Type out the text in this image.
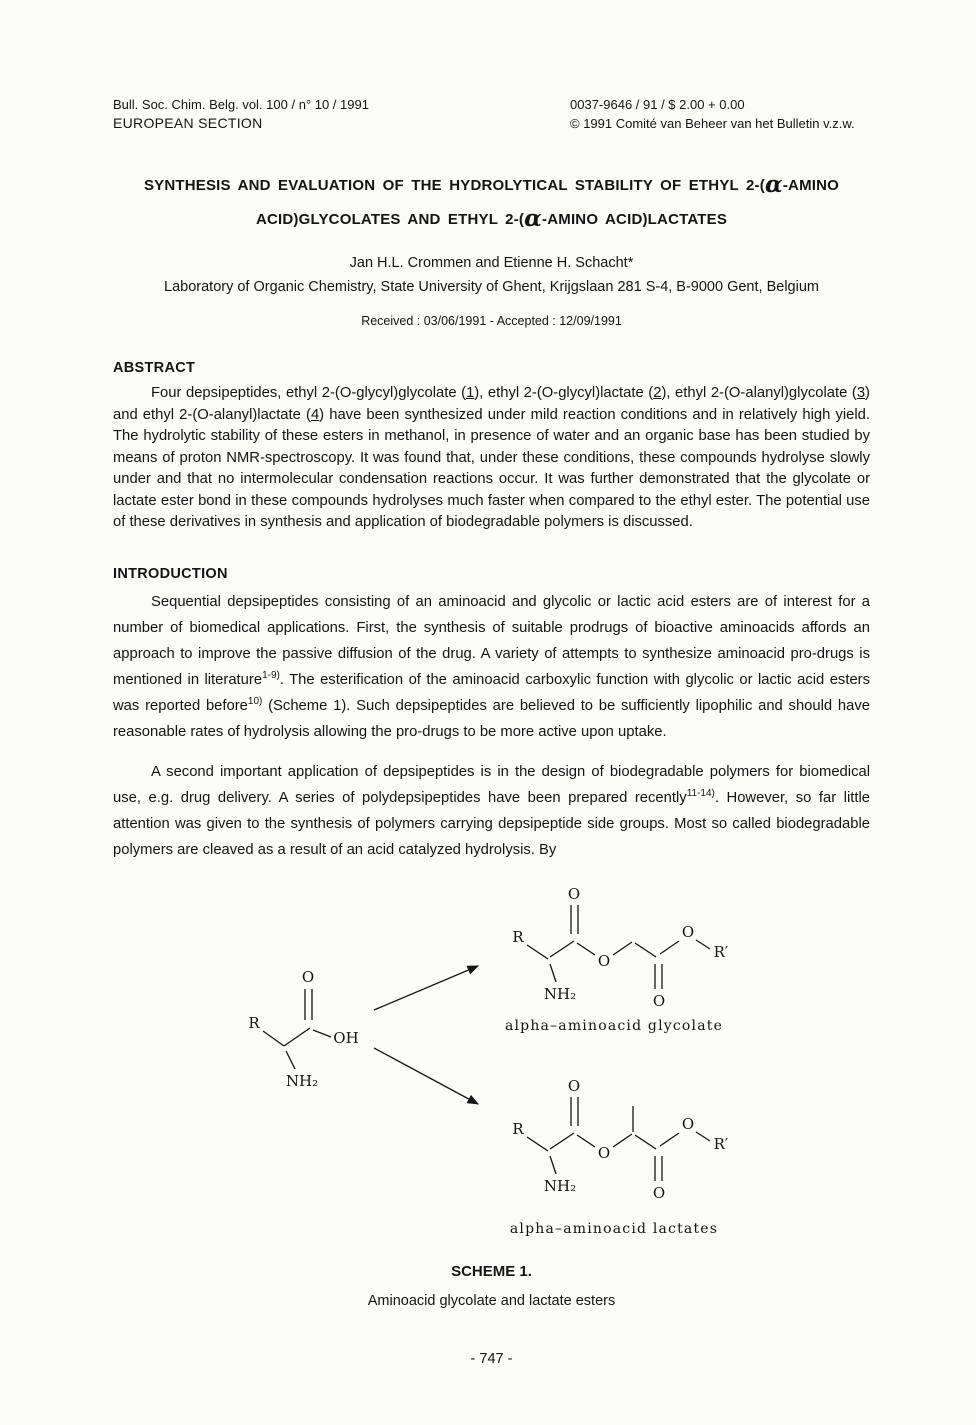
Bull. Soc. Chim. Belg. vol. 100 / n° 10 / 1991
EUROPEAN SECTION
0037-9646 / 91 / $ 2.00 + 0.00
© 1991 Comité van Beheer van het Bulletin v.z.w.
SYNTHESIS AND EVALUATION OF THE HYDROLYTICAL STABILITY OF ETHYL 2-(α-AMINO
ACID)GLYCOLATES AND ETHYL 2-(α-AMINO ACID)LACTATES
Jan H.L. Crommen and Etienne H. Schacht*
Laboratory of Organic Chemistry, State University of Ghent, Krijgslaan 281 S-4, B-9000 Gent, Belgium
Received : 03/06/1991 - Accepted : 12/09/1991
ABSTRACT

Four depsipeptides, ethyl 2-(O-glycyl)glycolate (1), ethyl 2-(O-glycyl)lactate (2), ethyl 2-(O-alanyl)glycolate (3) and ethyl 2-(O-alanyl)lactate (4) have been synthesized under mild reaction conditions and in relatively high yield. The hydrolytic stability of these esters in methanol, in presence of water and an organic base has been studied by means of proton NMR-spectroscopy. It was found that, under these conditions, these compounds hydrolyse slowly under and that no intermolecular condensation reactions occur. It was further demonstrated that the glycolate or lactate ester bond in these compounds hydrolyses much faster when compared to the ethyl ester. The potential use of these derivatives in synthesis and application of biodegradable polymers is discussed.

INTRODUCTION

Sequential depsipeptides consisting of an aminoacid and glycolic or lactic acid esters are of interest for a number of biomedical applications. First, the synthesis of suitable prodrugs of bioactive aminoacids affords an approach to improve the passive diffusion of the drug. A variety of attempts to synthesize aminoacid pro-drugs is mentioned in literature$^{1-9)}$. The esterification of the aminoacid carboxylic function with glycolic or lactic acid esters was reported before$^{10)}$ (Scheme 1). Such depsipeptides are believed to be sufficiently lipophilic and should have reasonable rates of hydrolysis allowing the pro-drugs to be more active upon uptake.

A second important application of depsipeptides is in the design of biodegradable polymers for biomedical use, e.g. drug delivery. A series of polydepsipeptides have been prepared recently$^{11-14)}$. However, so far little attention was given to the synthesis of polymers carrying depsipeptide side groups. Most so called biodegradable polymers are cleaved as a result of an acid catalyzed hydrolysis. By

R
O
OH
NH₂
R
NH₂
O
O
O
O
R′
alpha–aminoacid glycolate
R
NH₂
O
O
O
O
R′
alpha–aminoacid lactates
SCHEME 1.
Aminoacid glycolate and lactate esters
- 747 -
